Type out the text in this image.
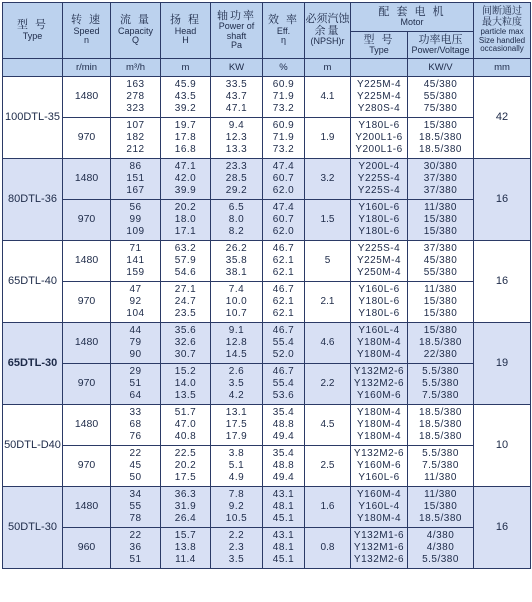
型 号
Type	转 速
Speed
n	流 量
Capacity
Q	扬 程
Head
H	轴功率
Power of
shaft
Pa	效 率
Eff.
η	必须汽蚀
余量
(NPSH)r	配 套 电 机
Motor		间断通过
最大粒度
particle max
Size handled
occasionally

							型 号
Type	功率电压
Power/Voltage	

	r/min	m³/h	m	KW	%	m		KW/V	mm
100DTL-35	1480	163
278
323	45.9
43.5
39.2	33.5
43.7
47.1	60.9
71.9
73.2	4.1	Y225M-4
Y225M-4
Y280S-4	45/380
55/380
75/380	42
	970	107
182
212	19.7
17.8
16.8	9.4
12.3
13.3	60.9
71.9
73.2	1.9	Y180L-6
Y200L1-6
Y200L1-6	15/380
18.5/380
18.5/380	
80DTL-36	1480	86
151
167	47.1
42.0
39.9	23.3
28.5
29.2	47.4
60.7
62.0	3.2	Y200L-4
Y225S-4
Y225S-4	30/380
37/380
37/380	16
	970	56
99
109	20.2
18.0
17.1	6.5
8.0
8.2	47.4
60.7
62.0	1.5	Y160L-6
Y180L-6
Y180L-6	11/380
15/380
15/380	
65DTL-40	1480	71
141
159	63.2
57.9
54.6	26.2
35.8
38.1	46.7
62.1
62.1	5	Y225S-4
Y225M-4
Y250M-4	37/380
45/380
55/380	16
	970	47
92
104	27.1
24.7
23.5	7.4
10.0
10.7	46.7
62.1
62.1	2.1	Y160L-6
Y180L-6
Y180L-6	11/380
15/380
15/380	
65DTL-30	1480	44
79
90	35.6
32.6
30.7	9.1
12.8
14.5	46.7
55.4
52.0	4.6	Y160L-4
Y180M-4
Y180M-4	15/380
18.5/380
22/380	19
	970	29
51
64	15.2
14.0
13.5	2.6
3.5
4.2	46.7
55.4
53.6	2.2	Y132M2-6
Y132M2-6
Y160M-6	5.5/380
5.5/380
7.5/380	
50DTL-D40	1480	33
68
76	51.7
47.0
40.8	13.1
17.5
17.9	35.4
48.8
49.4	4.5	Y180M-4
Y180M-4
Y180M-4	18.5/380
18.5/380
18.5/380	10
	970	22
45
50	22.5
20.2
17.5	3.8
5.1
4.9	35.4
48.8
49.4	2.5	Y132M2-6
Y160M-6
Y160L-6	5.5/380
7.5/380
11/380	
50DTL-30	1480	34
55
78	36.3
31.9
26.4	7.8
9.2
10.5	43.1
48.1
45.1	1.6	Y160M-4
Y160L-4
Y180M-4	11/380
15/380
18.5/380	16
	960	22
36
51	15.7
13.8
11.4	2.2
2.3
3.5	43.1
48.1
45.1	0.8	Y132M1-6
Y132M1-6
Y132M2-6	4/380
4/380
5.5/380	
